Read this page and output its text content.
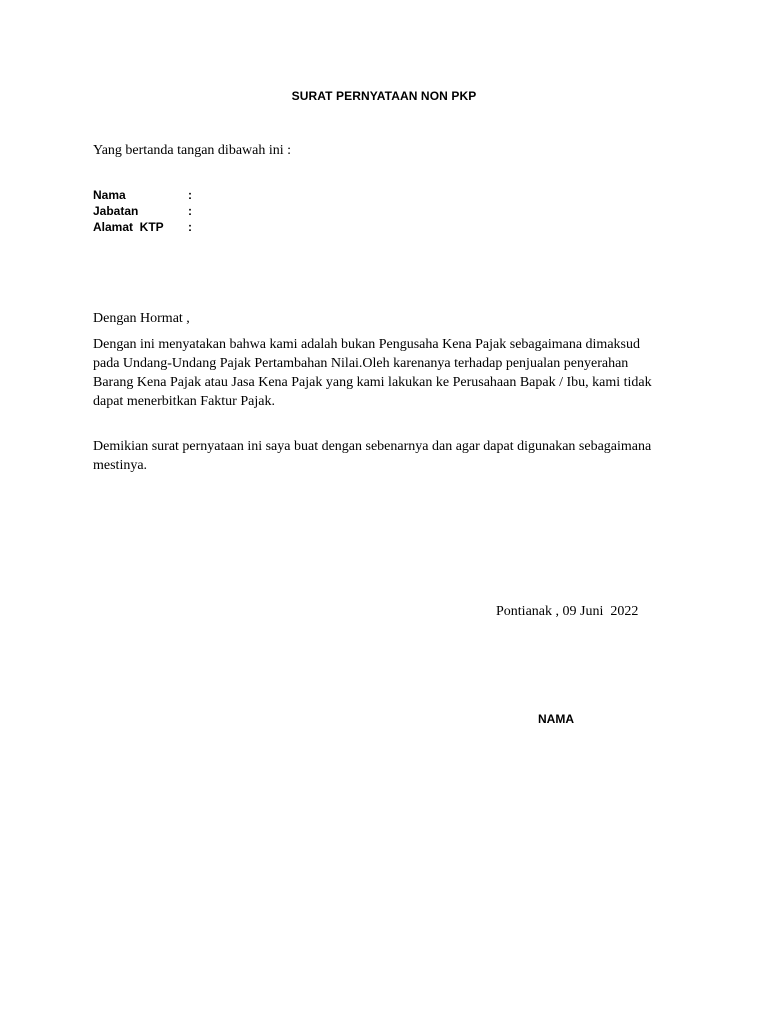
SURAT PERNYATAAN NON PKP
Yang bertanda tangan dibawah ini :

Nama

	:

Jabatan

	:

Alamat  KTP

:

Dengan Hormat ,
Dengan ini menyatakan bahwa kami adalah bukan Pengusaha Kena Pajak sebagaimana dimaksud
pada Undang-Undang Pajak Pertambahan Nilai.Oleh karenanya terhadap penjualan penyerahan
Barang Kena Pajak atau Jasa Kena Pajak yang kami lakukan ke Perusahaan Bapak / Ibu, kami tidak
dapat menerbitkan Faktur Pajak.
Demikian surat pernyataan ini saya buat dengan sebenarnya dan agar dapat digunakan sebagaimana
mestinya.
Pontianak , 09 Juni  2022
NAMA
